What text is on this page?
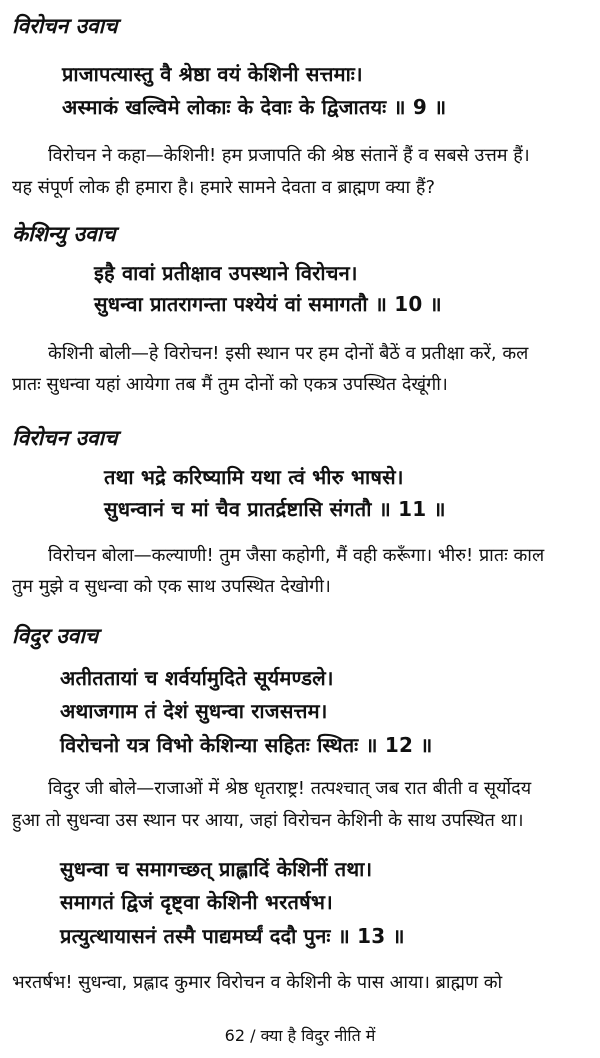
विरोचन उवाच
प्राजापत्यास्तु वै श्रेष्ठा वयं केशिनी सत्तमाः।
अस्माकं खल्विमे लोकाः के देवाः के द्विजातयः ॥ 9 ॥
विरोचन ने कहा—केशिनी! हम प्रजापति की श्रेष्ठ संतानें हैं व सबसे उत्तम हैं।
यह संपूर्ण लोक ही हमारा है। हमारे सामने देवता व ब्राह्मण क्या हैं?
केशिन्यु उवाच
इहै वावां प्रतीक्षाव उपस्थाने विरोचन।
सुधन्वा प्रातरागन्ता पश्येयं वां समागतौ ॥ 10 ॥
केशिनी बोली—हे विरोचन! इसी स्थान पर हम दोनों बैठें व प्रतीक्षा करें, कल
प्रातः सुधन्वा यहां आयेगा तब मैं तुम दोनों को एकत्र उपस्थित देखूंगी।
विरोचन उवाच
तथा भद्रे करिष्यामि यथा त्वं भीरु भाषसे।
सुधन्वानं च मां चैव प्रातर्द्रष्टासि संगतौ ॥ 11 ॥
विरोचन बोला—कल्याणी! तुम जैसा कहोगी, मैं वही करूँगा। भीरु! प्रातः काल
तुम मुझे व सुधन्वा को एक साथ उपस्थित देखोगी।
विदुर उवाच
अतीततायां च शर्वर्यामुदिते सूर्यमण्डले।
अथाजगाम तं देशं सुधन्वा राजसत्तम।
विरोचनो यत्र विभो केशिन्या सहितः स्थितः ॥ 12 ॥
विदुर जी बोले—राजाओं में श्रेष्ठ धृतराष्ट्र! तत्पश्चात् जब रात बीती व सूर्योदय
हुआ तो सुधन्वा उस स्थान पर आया, जहां विरोचन केशिनी के साथ उपस्थित था।
सुधन्वा च समागच्छत् प्राह्लादिं केशिनीं तथा।
समागतं द्विजं दृष्ट्वा केशिनी भरतर्षभ।
प्रत्युत्थायासनं तस्मै पाद्यमर्घ्यं ददौ पुनः ॥ 13 ॥
भरतर्षभ! सुधन्वा, प्रह्लाद कुमार विरोचन व केशिनी के पास आया। ब्राह्मण को
62 / क्या है विदुर नीति में
